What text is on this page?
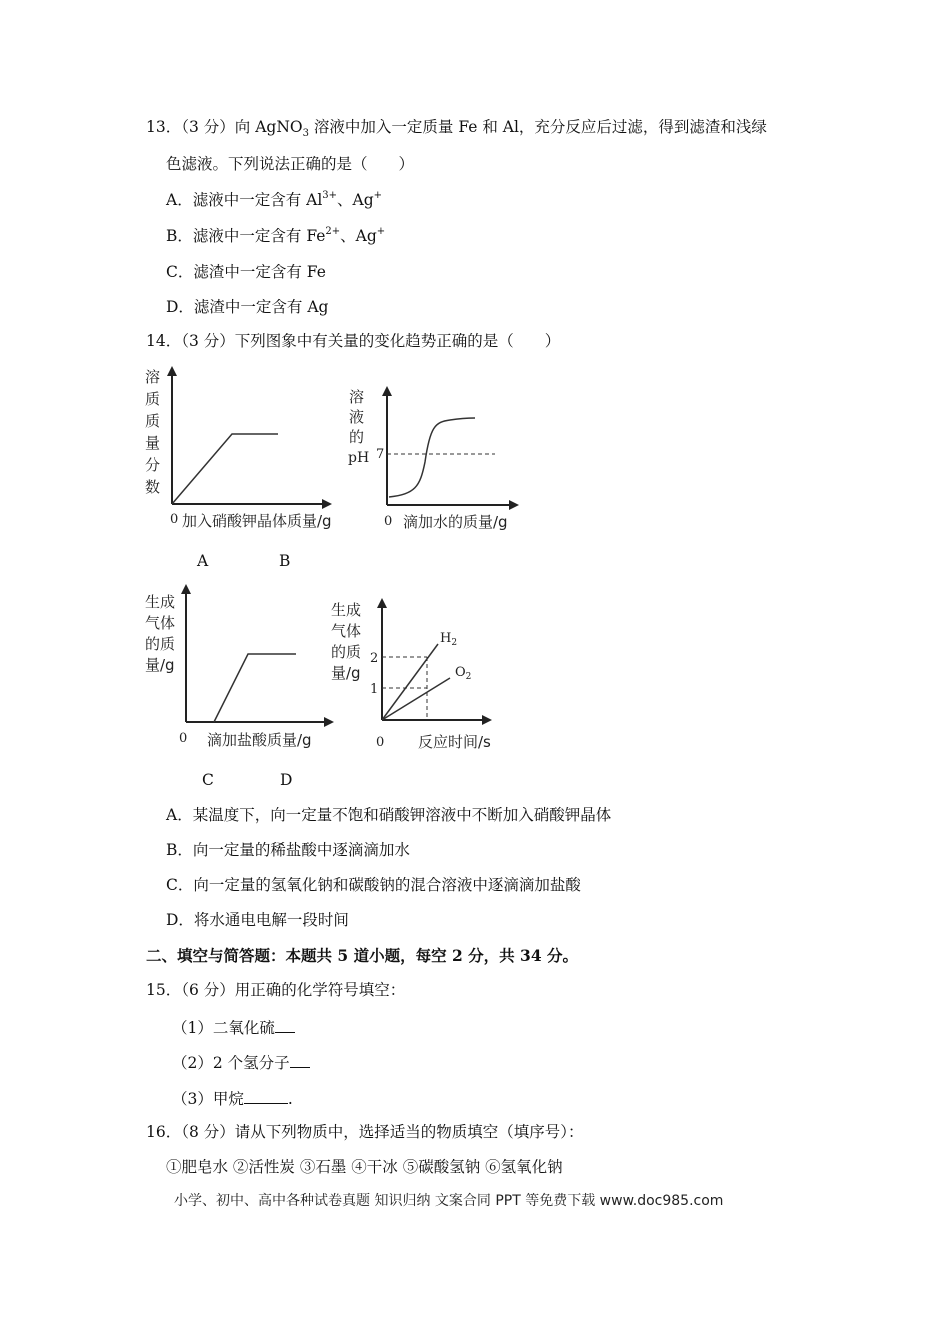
13．（3 分）向 AgNO$_3$ 溶液中加入一定质量 Fe 和 Al，充分反应后过滤，得到滤渣和浅绿
色滤液。下列说法正确的是（　　）
A．滤液中一定含有 $Al^{3+}$、Ag+
B．滤液中一定含有 $Fe^{2+}$、Ag+
C．滤渣中一定含有 Fe
D．滤渣中一定含有 Ag
14．（3 分）下列图象中有关量的变化趋势正确的是（　　）
溶
质
质
量
分
数
0 加入硝酸钾晶体质量/g
溶
液
的
pH 7
0 滴加水的质量/g
A	B
生成
气体
的质
量/g
0 滴加盐酸质量/g
生成
气体
的质
量/g
2
1
$H_2$
$O_2$
0 反应时间/s
C	D
A．某温度下，向一定量不饱和硝酸钾溶液中不断加入硝酸钾晶体
B．向一定量的稀盐酸中逐滴滴加水
C．向一定量的氢氧化钠和碳酸钠的混合溶液中逐滴滴加盐酸
D．将水通电电解一段时间
二、填空与简答题：本题共 5 道小题，每空 2 分，共 34 分。
15．（6 分）用正确的化学符号填空：
（1）二氧化硫
（2）2 个氢分子
（3）甲烷	.
16．（8 分）请从下列物质中，选择适当的物质填空（填序号）：
①肥皂水 ②活性炭 ③石墨 ④干冰 ⑤碳酸氢钠 ⑥氢氧化钠
小学、初中、高中各种试卷真题 知识归纳 文案合同 PPT 等免费下载 www.doc985.com
